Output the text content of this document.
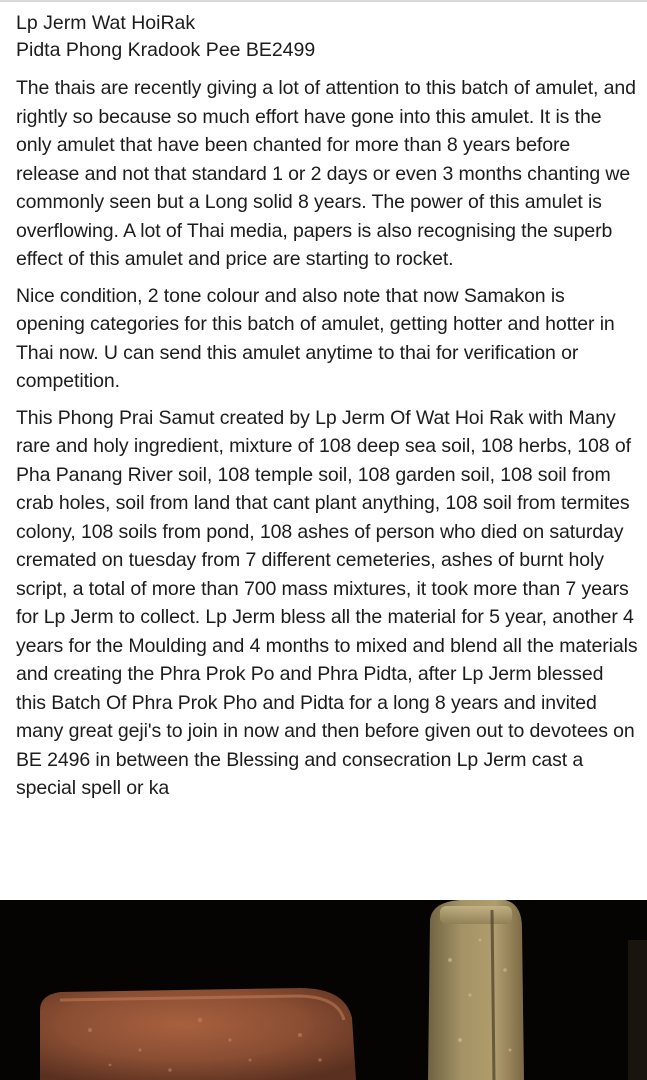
Lp Jerm Wat HoiRak

Pidta Phong Kradook Pee BE2499

The thais are recently giving a lot of attention to this batch of amulet, and rightly so because so much effort have gone into this amulet. It is the only amulet that have been chanted for more than 8 years before release and not that standard 1 or 2 days or even 3 months chanting we commonly seen but a Long solid 8 years. The power of this amulet is overflowing. A lot of Thai media, papers is also recognising the superb effect of this amulet and price are starting to rocket.

Nice condition, 2 tone colour and also note that now Samakon is opening categories for this batch of amulet, getting hotter and hotter in Thai now. U can send this amulet anytime to thai for verification or competition.

This Phong Prai Samut created by Lp Jerm Of Wat Hoi Rak with Many rare and holy ingredient, mixture of 108 deep sea soil, 108 herbs, 108 of Pha Panang River soil, 108 temple soil, 108 garden soil, 108 soil from crab holes, soil from land that cant plant anything, 108 soil from termites colony, 108 soils from pond, 108 ashes of person who died on saturday cremated on tuesday from 7 different cemeteries, ashes of burnt holy script, a total of more than 700 mass mixtures, it took more than 7 years for Lp Jerm to collect. Lp Jerm bless all the material for 5 year, another 4 years for the Moulding and 4 months to mixed and blend all the materials and creating the Phra Prok Po and Phra Pidta, after Lp Jerm blessed this Batch Of Phra Prok Pho and Pidta for a long 8 years and invited many great geji's to join in now and then before given out to devotees on BE 2496 in between the Blessing and consecration Lp Jerm cast a special spell or ka
